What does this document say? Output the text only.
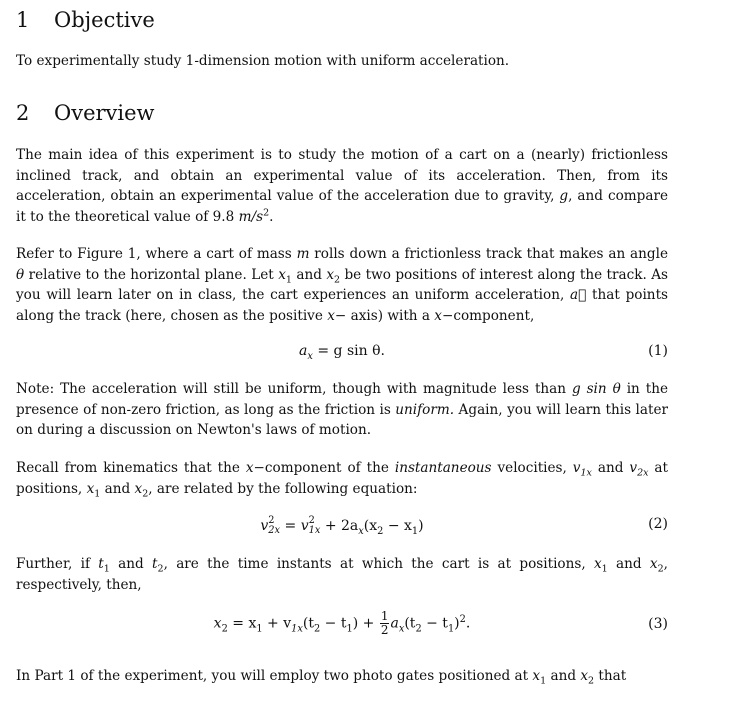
1 Objective

To experimentally study 1-dimension motion with uniform acceleration.

2 Overview

The main idea of this experiment is to study the motion of a cart on a (nearly) frictionless inclined track, and obtain an experimental value of its acceleration. Then, from its acceleration, obtain an experimental value of the acceleration due to gravity, g, and compare it to the theoretical value of 9.8 $m/s^2$.

Refer to Figure 1, where a cart of mass m rolls down a frictionless track that makes an angle θ relative to the horizontal plane. Let $x_1$ and $x_2$ be two positions of interest along the track. As you will learn later on in class, the cart experiences an uniform acceleration, a⃗ that points along the track (here, chosen as the positive x− axis) with a x−component,

$a_x = g$ sin θ.	(1)

Note: The acceleration will still be uniform, though with magnitude less than g sin θ in the presence of non-zero friction, as long as the friction is uniform. Again, you will learn this later on during a discussion on Newton's laws of motion.

Recall from kinematics that the x−component of the instantaneous velocities, $v_{1x}$ and $v_{2x}$ at positions, $x_1$ and $x_2$, are related by the following equation:

v 2
2x = v 2
$1x + 2a_x(x_2 - x_1)$	(2)

Further, if $t_1$ and $t_2$, are the time instants at which the cart is at positions, $x_1$ and $x_2$, respectively, then,

$x_2 = x_1 + v_{1x}(t_2 - t_1) + \frac{1}{2} a_x(t_2 - t_1)^2$.	(3)

In Part 1 of the experiment, you will employ two photo gates positioned at $x_1$ and $x_2$ that
